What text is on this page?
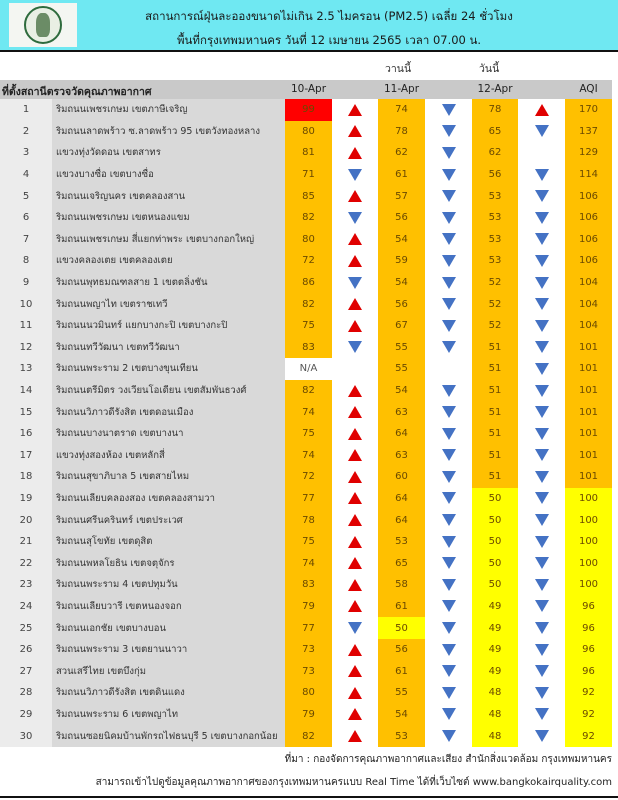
สถานการณ์ฝุ่นละอองขนาดไม่เกิน 2.5 ไมครอน (PM2.5) เฉลี่ย 24 ชั่วโมง
พื้นที่กรุงเทพมหานคร วันที่ 12 เมษายน 2565 เวลา 07.00 น.
วานนี้	วันนี้
ที่ตั้งสถานีตรวจวัดคุณภาพอากาศ	10-Apr	11-Apr	12-Apr	AQI
1	ริมถนนเพชรเกษม เขตภาษีเจริญ	99	74	78	170
2	ริมถนนลาดพร้าว ซ.ลาดพร้าว 95 เขตวังทองหลาง	80	78	65	137
3	แขวงทุ่งวัดดอน เขตสาทร	81	62	62	129
4	แขวงบางซื่อ เขตบางซื่อ	71	61	56	114
5	ริมถนนเจริญนคร เขตคลองสาน	85	57	53	106
6	ริมถนนเพชรเกษม เขตหนองแขม	82	56	53	106
7	ริมถนนเพชรเกษม สี่แยกท่าพระ เขตบางกอกใหญ่	80	54	53	106
8	แขวงคลองเตย เขตคลองเตย	72	59	53	106
9	ริมถนนพุทธมณฑลสาย 1 เขตตลิ่งชัน	86	54	52	104
10	ริมถนนพญาไท เขตราชเทวี	82	56	52	104
11	ริมถนนนวมินทร์ แยกบางกะปิ เขตบางกะปิ	75	67	52	104
12	ริมถนนทวีวัฒนา เขตทวีวัฒนา	83	55	51	101
13	ริมถนนพระราม 2 เขตบางขุนเทียน	N/A	55	51	101
14	ริมถนนตรีมิตร วงเวียนโอเดียน เขตสัมพันธวงศ์	82	54	51	101
15	ริมถนนวิภาวดีรังสิต เขตดอนเมือง	74	63	51	101
16	ริมถนนบางนาตราด เขตบางนา	75	64	51	101
17	แขวงทุ่งสองห้อง เขตหลักสี่	74	63	51	101
18	ริมถนนสุขาภิบาล 5 เขตสายไหม	72	60	51	101
19	ริมถนนเลียบคลองสอง เขตคลองสามวา	77	64	50	100
20	ริมถนนศรีนครินทร์ เขตประเวศ	78	64	50	100
21	ริมถนนสุโขทัย เขตดุสิต	75	53	50	100
22	ริมถนนพหลโยธิน เขตจตุจักร	74	65	50	100
23	ริมถนนพระราม 4 เขตปทุมวัน	83	58	50	100
24	ริมถนนเลียบวารี เขตหนองจอก	79	61	49	96
25	ริมถนนเอกชัย เขตบางบอน	77	50	49	96
26	ริมถนนพระราม 3 เขตยานนาวา	73	56	49	96
27	สวนเสรีไทย เขตบึงกุ่ม	73	61	49	96
28	ริมถนนวิภาวดีรังสิต เขตดินแดง	80	55	48	92
29	ริมถนนพระราม 6 เขตพญาไท	79	54	48	92
30	ริมถนนซอยนิคมบ้านพักรถไฟธนบุรี 5 เขตบางกอกน้อย	82	53	48	92
ที่มา : กองจัดการคุณภาพอากาศและเสียง สำนักสิ่งแวดล้อม กรุงเทพมหานคร
สามารถเข้าไปดูข้อมูลคุณภาพอากาศของกรุงเทพมหานครแบบ Real Time ได้ที่เว็บไซต์ www.bangkokairquality.com
